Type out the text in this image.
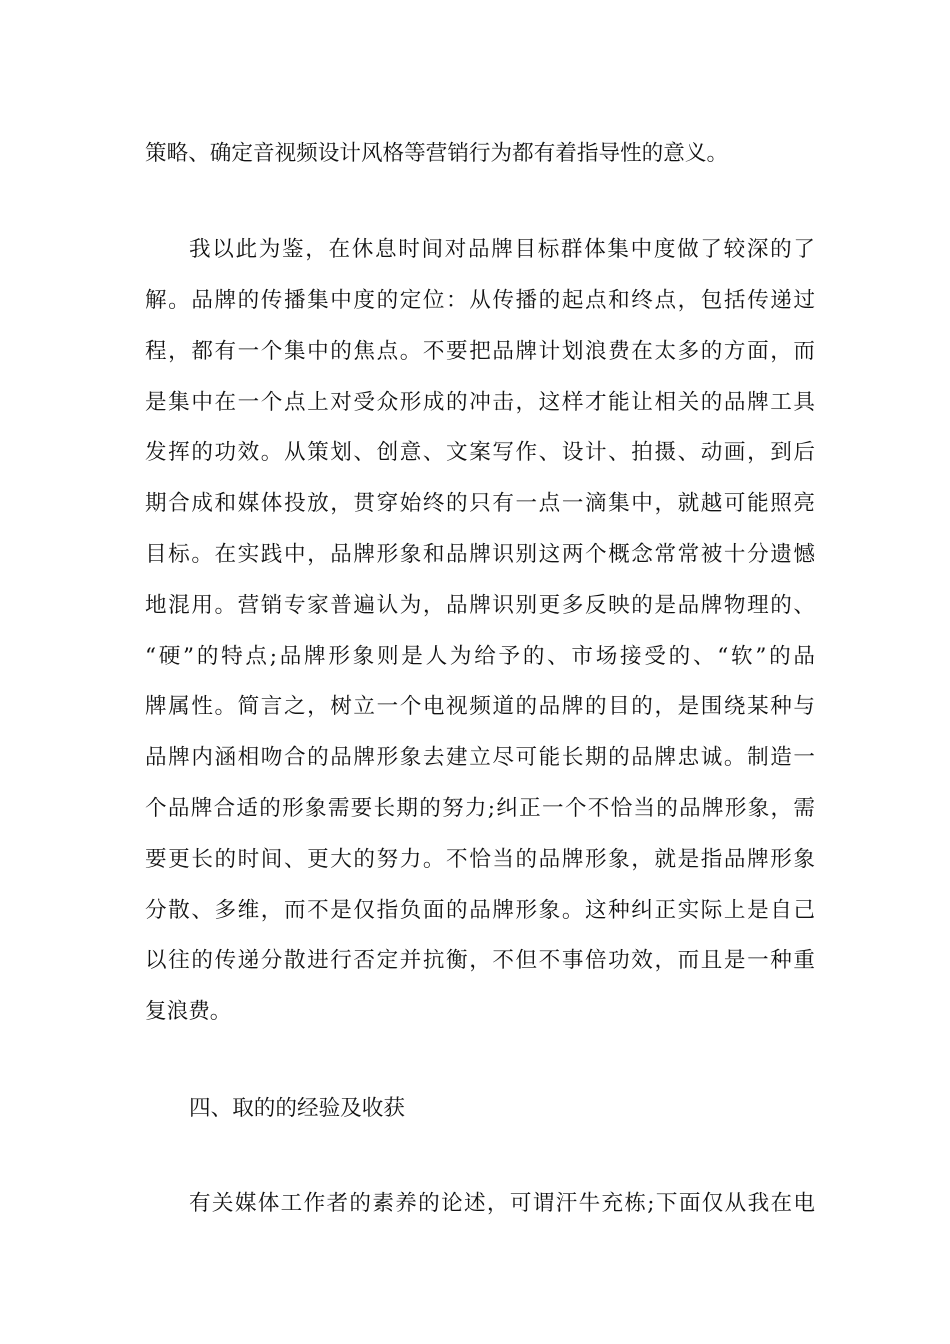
策略、确定音视频设计风格等营销行为都有着指导性的意义。
我以此为鉴，在休息时间对品牌目标群体集中度做了较深的了
解。品牌的传播集中度的定位：从传播的起点和终点，包括传递过
程，都有一个集中的焦点。不要把品牌计划浪费在太多的方面，而
是集中在一个点上对受众形成的冲击，这样才能让相关的品牌工具
发挥的功效。从策划、创意、文案写作、设计、拍摄、动画，到后
期合成和媒体投放，贯穿始终的只有一点一滴集中，就越可能照亮
目标。在实践中，品牌形象和品牌识别这两个概念常常被十分遗憾
地混用。营销专家普遍认为，品牌识别更多反映的是品牌物理的、
“硬”的特点;品牌形象则是人为给予的、市场接受的、“软”的品
牌属性。简言之，树立一个电视频道的品牌的目的，是围绕某种与
品牌内涵相吻合的品牌形象去建立尽可能长期的品牌忠诚。制造一
个品牌合适的形象需要长期的努力;纠正一个不恰当的品牌形象，需
要更长的时间、更大的努力。不恰当的品牌形象，就是指品牌形象
分散、多维，而不是仅指负面的品牌形象。这种纠正实际上是自己
以往的传递分散进行否定并抗衡，不但不事倍功效，而且是一种重
复浪费。
四、取的的经验及收获
有关媒体工作者的素养的论述，可谓汗牛充栋;下面仅从我在电
